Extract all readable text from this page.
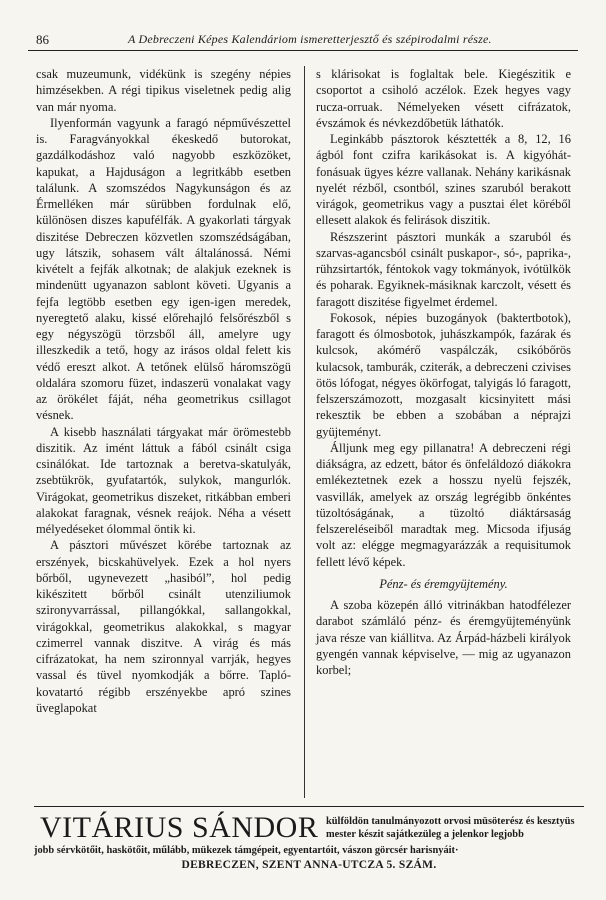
86	A Debreczeni Képes Kalendáriom ismeretterjesztő és szépirodalmi része.

csak muzeumunk, vidékünk is szegény népies himzésekben. A régi tipikus viseletnek pedig alig van már nyoma.

Ilyenformán vagyunk a faragó népművészettel is. Faragványokkal ékeskedő butorokat, gazdálkodáshoz való nagyobb eszközöket, kapukat, a Hajduságon a legritkább esetben találunk. A szomszédos Nagykunságon és az Érmelléken már sürübben fordulnak elő, különösen diszes kapufélfák. A gyakorlati tárgyak diszitése Debreczen közvetlen szomszédságában, ugy látszik, sohasem vált általánossá. Némi kivételt a fejfák alkotnak; de alakjuk ezeknek is mindenütt ugyanazon sablont követi. Ugyanis a fejfa legtöbb esetben egy igen-igen meredek, nyeregtető alaku, kissé előrehajló felsőrészből s egy négyszögü törzsből áll, amelyre ugy illeszkedik a tető, hogy az irásos oldal felett kis védő ereszt alkot. A tetőnek elülső háromszögü oldalára szomoru füzet, indaszerü vonalakat vagy az örökélet fáját, néha geometrikus csillagot vésnek.

A kisebb használati tárgyakat már örömestebb diszitik. Az imént láttuk a fából csinált csiga csinálókat. Ide tartoznak a beretva-skatulyák, zsebtükrök, gyufatartók, sulykok, mangurlók. Virágokat, geometrikus diszeket, ritkábban emberi alakokat faragnak, vésnek reájok. Néha a vésett mélyedéseket ólommal öntik ki.

A pásztori művészet körébe tartoznak az erszények, bicskahüvelyek. Ezek a hol nyers bőrből, ugynevezett „hasiból”, hol pedig kikészitett bőrből csinált utenziliumok szironyvarrással, pillangókkal, sallangokkal, virágokkal, geometrikus alakokkal, s magyar czimerrel vannak diszitve. A virág és más cifrázatokat, ha nem szironnyal varrják, hegyes vassal és tüvel nyomkodják a bőrre. Tapló-kovatartó régibb erszényekbe apró szines üveglapokat

s klárisokat is foglaltak bele. Kiegészitik e csoportot a csiholó aczélok. Ezek hegyes vagy rucza-orruak. Némelyeken vésett cifrázatok, évszámok és névkezdőbetük láthatók.

Leginkább pásztorok késztették a 8, 12, 16 ágból font czifra karikásokat is. A kigyóhát-fonásuak ügyes kézre vallanak. Nehány karikásnak nyelét rézből, csontból, szines szaruból berakott virágok, geometrikus vagy a pusztai élet köréből ellesett alakok és felirások diszitik.

Részszerint pásztori munkák a szaruból és szarvas-agancsból csinált puskapor-, só-, paprika-, rühzsirtartók, féntokok vagy tokmányok, ivótülkök és poharak. Egyiknek-másiknak karczolt, vésett és faragott diszitése figyelmet érdemel.

Fokosok, népies buzogányok (baktertbotok), faragott és ólmosbotok, juhászkampók, fazárak és kulcsok, akómérő vaspálczák, csikóbőrös kulacsok, tamburák, cziterák, a debreczeni czivises ötös lófogat, négyes ökörfogat, talyigás ló faragott, felszerszámozott, mozgasalt kicsinyitett mási rekesztik be ebben a szobában a néprajzi gyüjteményt.

Álljunk meg egy pillanatra! A debreczeni régi diákságra, az edzett, bátor és önfeláldozó diákokra emlékeztetnek ezek a hosszu nyelü fejszék, vasvillák, amelyek az ország legrégibb önkéntes tüzoltóságának, a tüzoltó diáktársaság felszereléseiből maradtak meg. Micsoda ifjuság volt az: elégge megmagyarázzák a requisitumok fellett lévő képek.

Pénz- és éremgyüjtemény.

A szoba közepén álló vitrinákban hatodfélezer darabot számláló pénz- és éremgyüjteményünk java része van kiállitva. Az Árpád-házbeli királyok gyengén vannak képviselve, — mig az ugyanazon korbel;

VITÁRIUS SÁNDOR külföldön tanulmányozott orvosi müsöterész és kesztyüs mester készit sajátkezüleg a jelenkor legjobb
jobb sérvkötőit, haskötőit, műlább, mükezek támgépeit, egyentartóit, vászon görcsér harisnyáit·
DEBRECZEN, SZENT ANNA-UTCZA 5. SZÁM.
